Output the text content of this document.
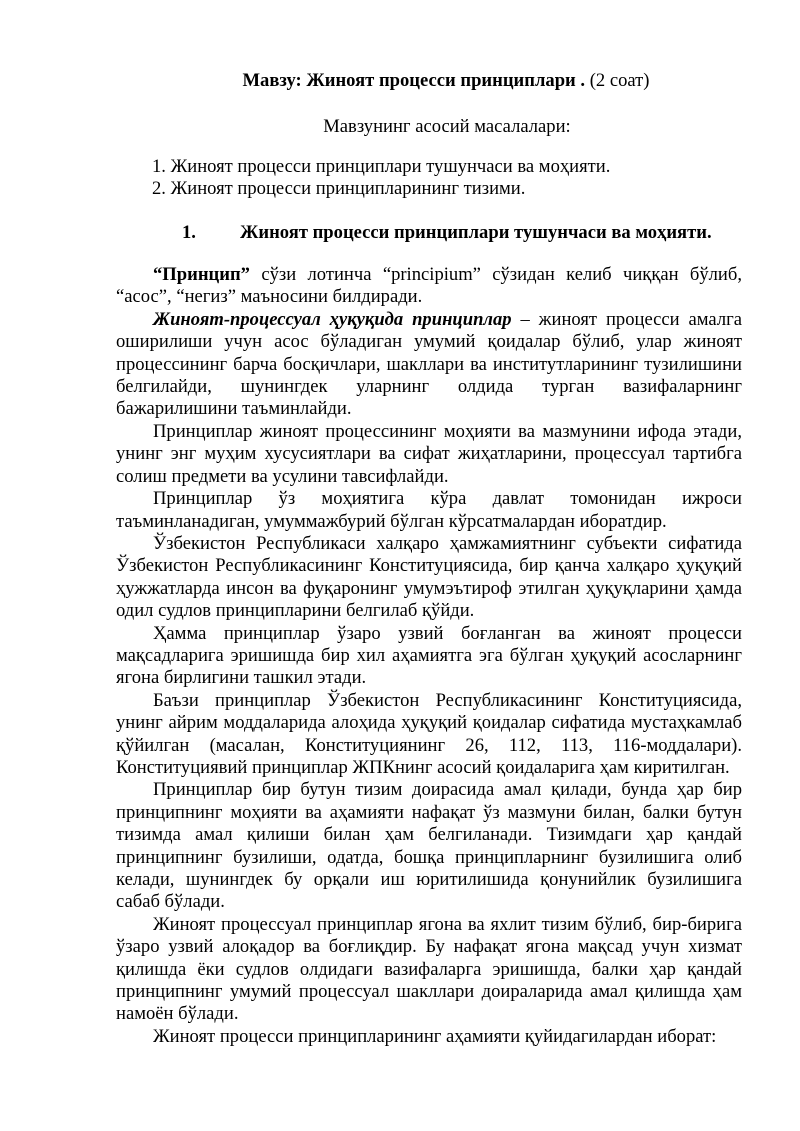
Мавзу: Жиноят процесси принциплари . (2 соат)
Мавзунинг асосий масалалари:
1. Жиноят процесси принциплари тушунчаси ва моҳияти.
2. Жиноят процесси принципларининг тизими.
1.	Жиноят процесси принциплари тушунчаси ва моҳияти.

“Принцип” сўзи лотинча “principium” сўзидан келиб чиққан бўлиб, “асос”, “негиз” маъносини билдиради.

Жиноят-процессуал ҳуқуқида принциплар – жиноят процесси амалга оширилиши учун асос бўладиган умумий қоидалар бўлиб, улар жиноят процессининг барча босқичлари, шакллари ва институтларининг тузилишини белгилайди, шунингдек уларнинг олдида турган вазифаларнинг бажарилишини таъминлайди.

Принциплар жиноят процессининг моҳияти ва мазмунини ифода этади, унинг энг муҳим хусусиятлари ва сифат жиҳатларини, процессуал тартибга солиш предмети ва усулини тавсифлайди.

Принциплар ўз моҳиятига кўра давлат томонидан ижроси таъминланадиган, умуммажбурий бўлган кўрсатмалардан иборатдир.

Ўзбекистон Республикаси халқаро ҳамжамиятнинг субъекти сифатида Ўзбекистон Республикасининг Конституциясида, бир қанча халқаро ҳуқуқий ҳужжатларда инсон ва фуқаронинг умумэътироф этилган ҳуқуқларини ҳамда одил судлов принципларини белгилаб қўйди.

Ҳамма принциплар ўзаро узвий боғланган ва жиноят процесси мақсадларига эришишда бир хил аҳамиятга эга бўлган ҳуқуқий асосларнинг ягона бирлигини ташкил этади.

Баъзи принциплар Ўзбекистон Республикасининг Конституциясида, унинг айрим моддаларида алоҳида ҳуқуқий қоидалар сифатида мустаҳкамлаб қўйилган (масалан, Конституциянинг 26, 112, 113, 116-моддалари). Конституциявий принциплар ЖПКнинг асосий қоидаларига ҳам киритилган.

Принциплар бир бутун тизим доирасида амал қилади, бунда ҳар бир принципнинг моҳияти ва аҳамияти нафақат ўз мазмуни билан, балки бутун тизимда амал қилиши билан ҳам белгиланади. Тизимдаги ҳар қандай принципнинг бузилиши, одатда, бошқа принципларнинг бузилишига олиб келади, шунингдек бу орқали иш юритилишида қонунийлик бузилишига сабаб бўлади.

Жиноят процессуал принциплар ягона ва яхлит тизим бўлиб, бир-бирига ўзаро узвий алоқадор ва боғлиқдир. Бу нафақат ягона мақсад учун хизмат қилишда ёки судлов олдидаги вазифаларга эришишда, балки ҳар қандай принципнинг умумий процессуал шакллари доираларида амал қилишда ҳам намоён бўлади.

Жиноят процесси принципларининг аҳамияти қуйидагилардан иборат:
